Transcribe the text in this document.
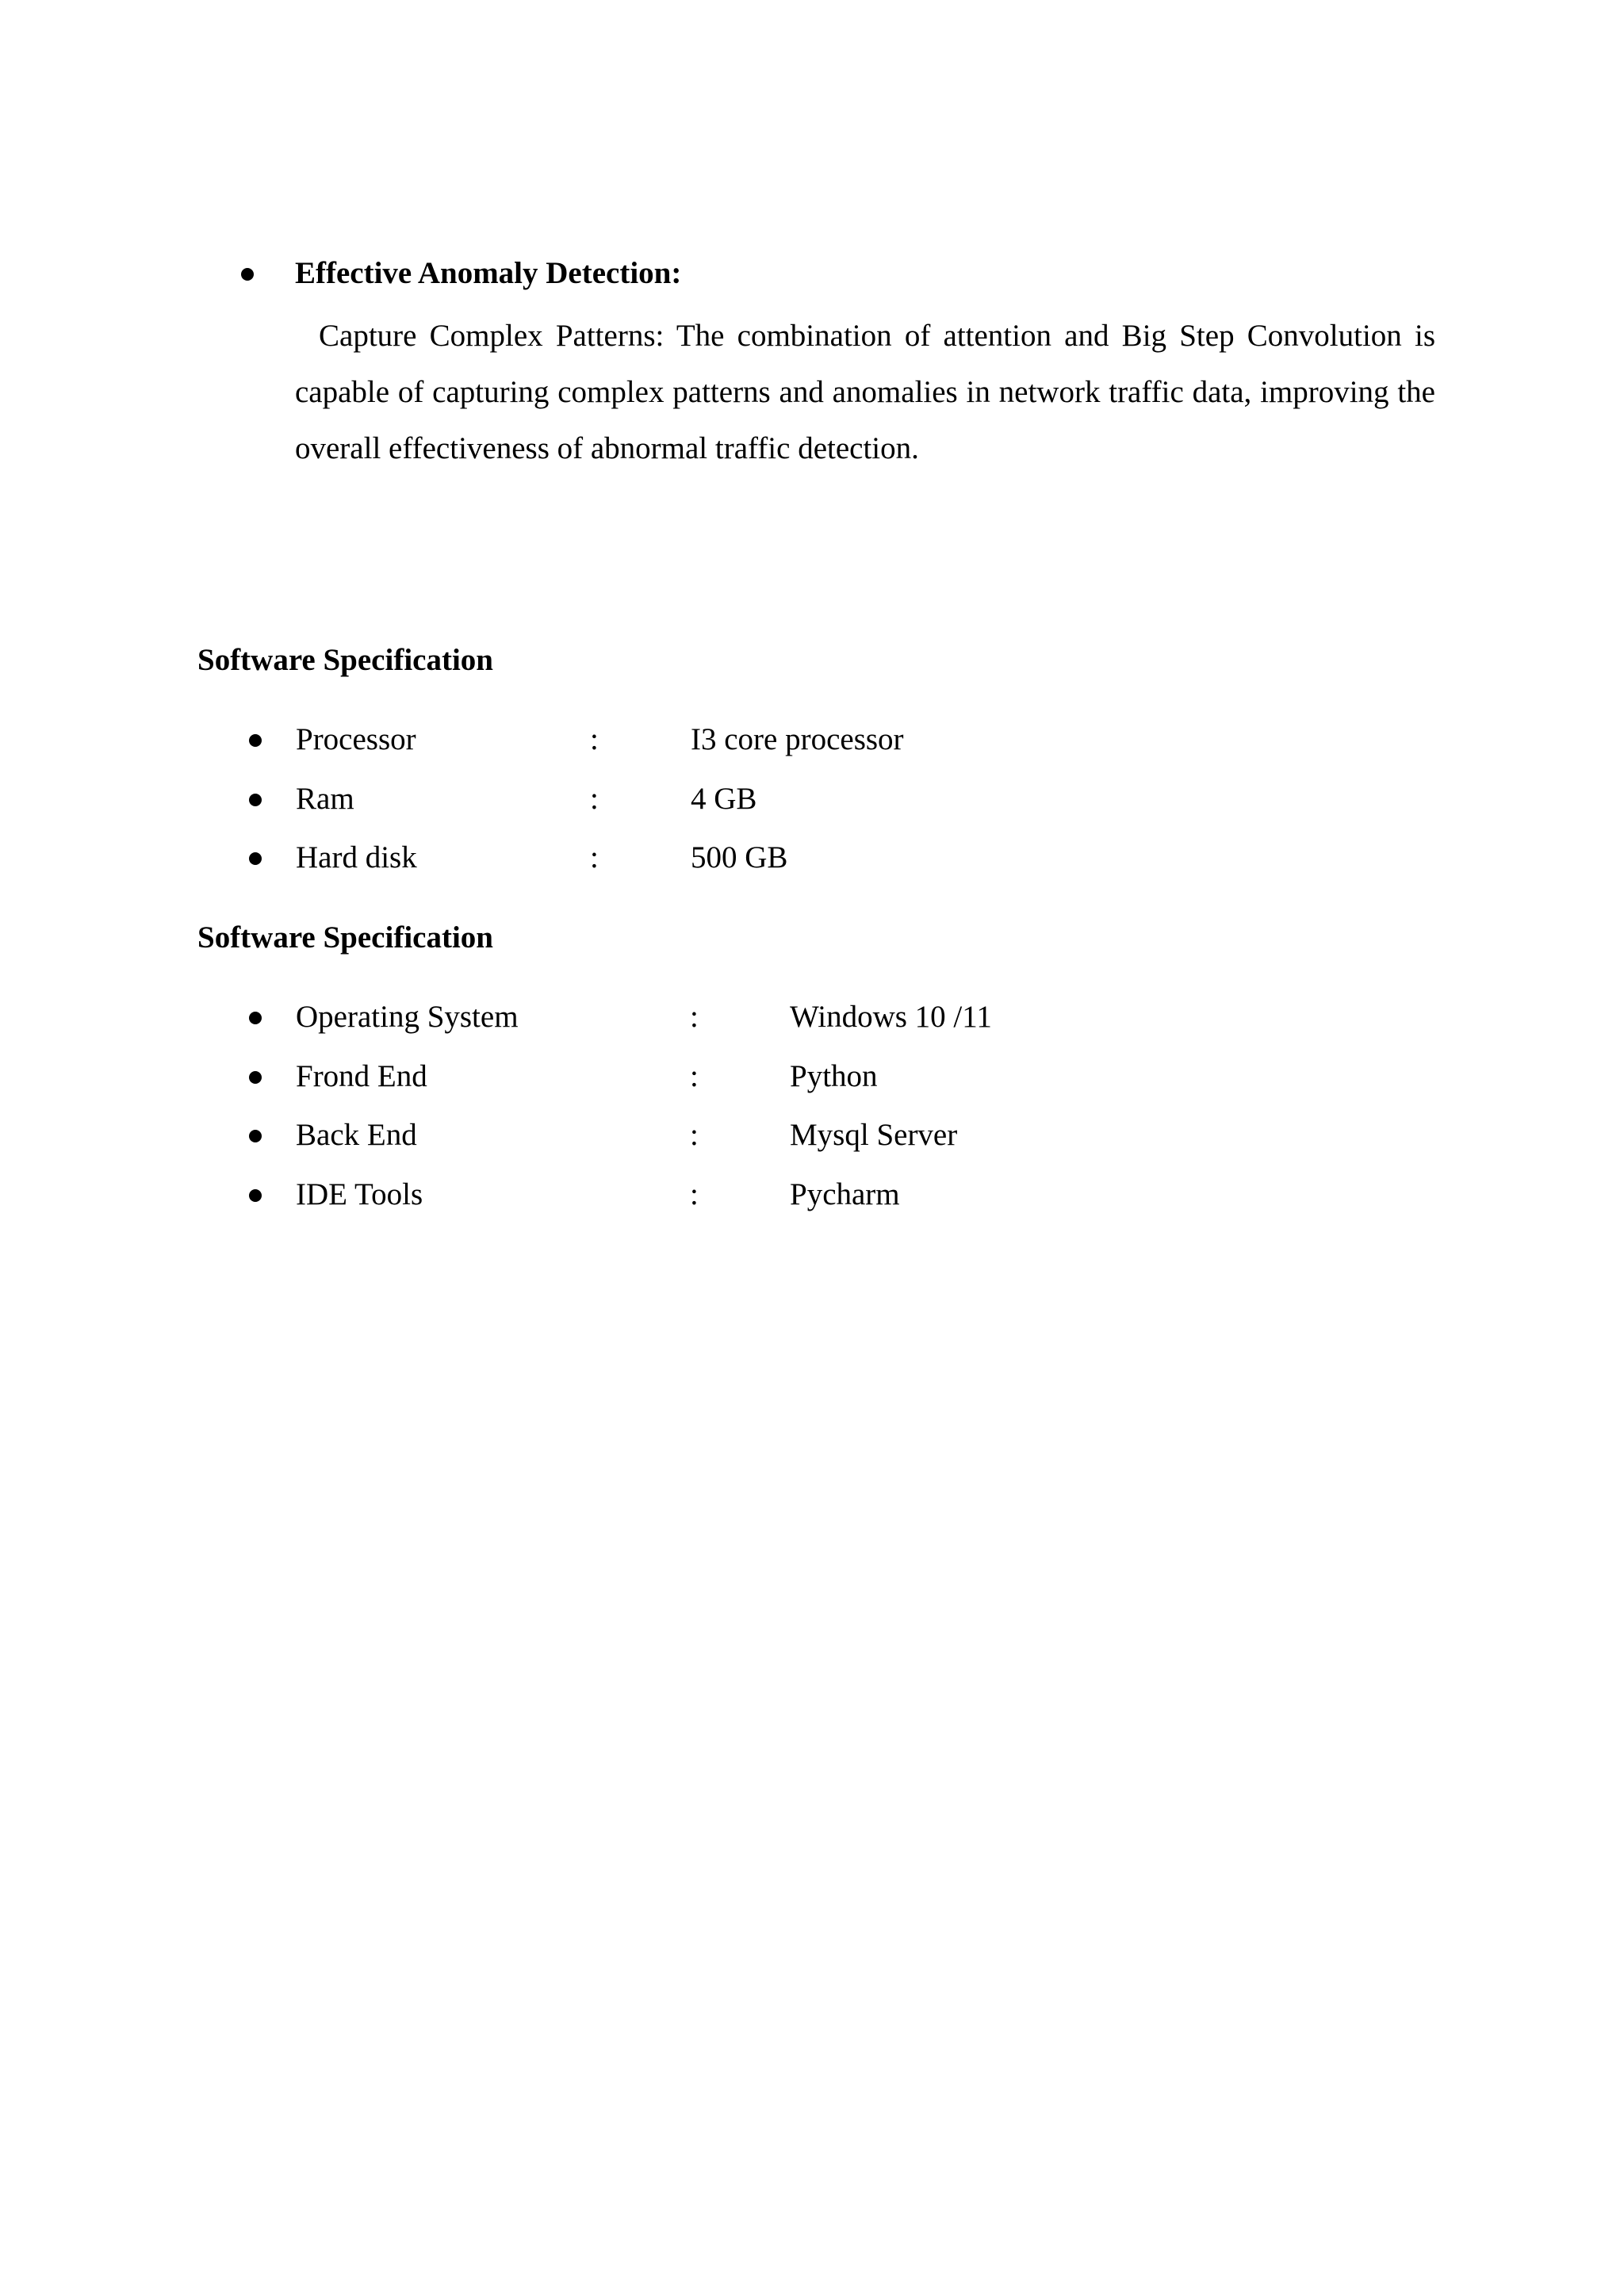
Effective Anomaly Detection:

Capture Complex Patterns: The combination of attention and Big Step Convolution is capable of capturing complex patterns and anomalies in network traffic data, improving the overall effectiveness of abnormal traffic detection.

Software Specification
Processor	:	I3 core processor
Ram	:	4 GB
Hard disk	:	500 GB
Software Specification
Operating System	:	Windows 10 /11
Frond End	:	Python
Back End	:	Mysql Server
IDE Tools	:	Pycharm
